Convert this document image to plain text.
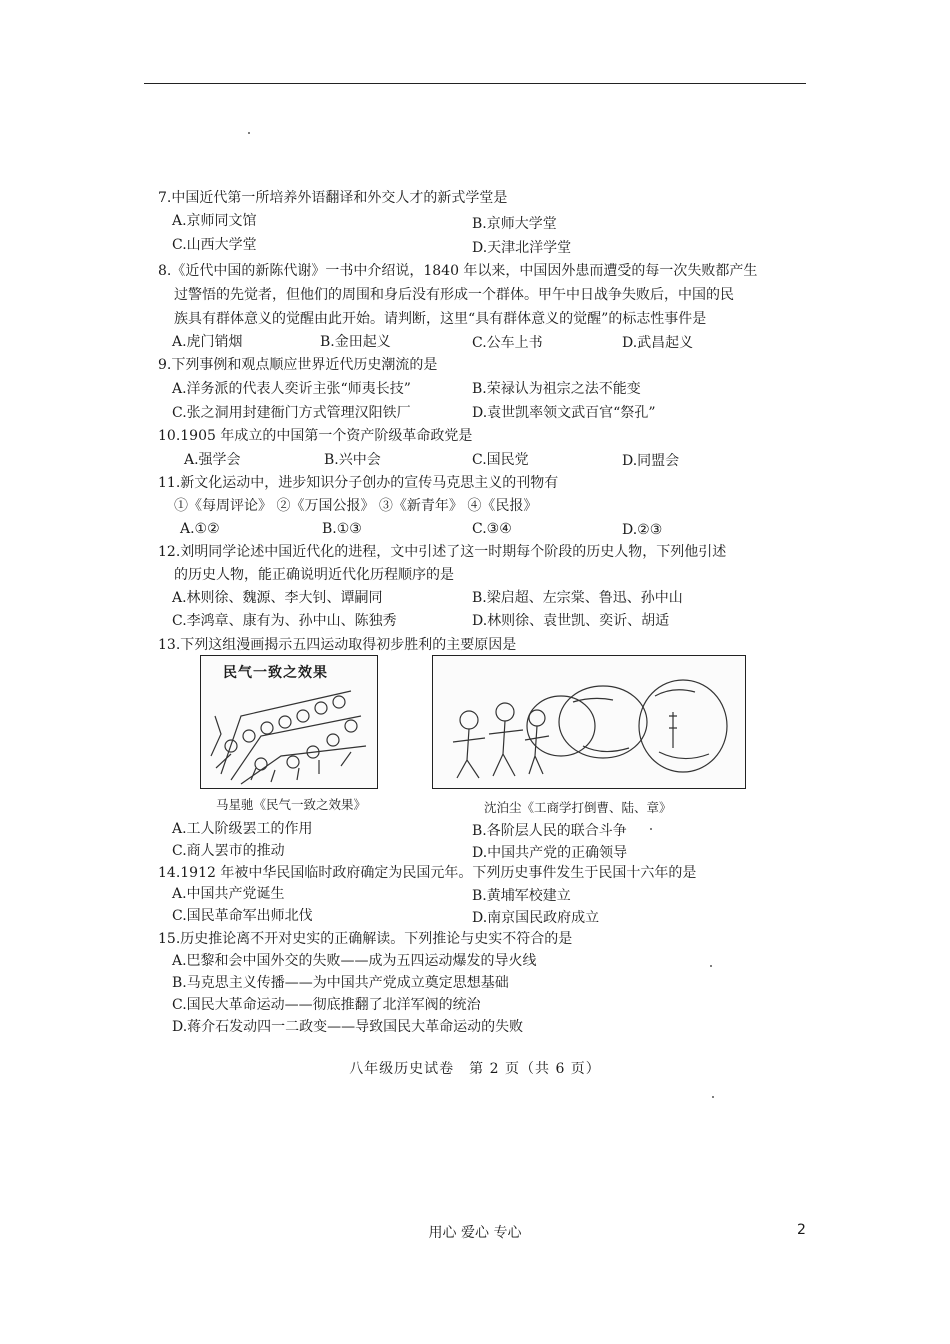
7.中国近代第一所培养外语翻译和外交人才的新式学堂是
A.京师同文馆	B.京师大学堂
C.山西大学堂	D.天津北洋学堂
8.《近代中国的新陈代谢》一书中介绍说，1840 年以来，中国因外患而遭受的每一次失败都产生
过警悟的先觉者，但他们的周围和身后没有形成一个群体。甲午中日战争失败后，中国的民
族具有群体意义的觉醒由此开始。请判断，这里“具有群体意义的觉醒”的标志性事件是
A.虎门销烟	B.金田起义	C.公车上书	D.武昌起义
9.下列事例和观点顺应世界近代历史潮流的是
A.洋务派的代表人奕䜣主张“师夷长技”	B.荣禄认为祖宗之法不能变
C.张之洞用封建衙门方式管理汉阳铁厂	D.袁世凯率领文武百官“祭孔”
10.1905 年成立的中国第一个资产阶级革命政党是
A.强学会	B.兴中会	C.国民党	D.同盟会
11.新文化运动中，进步知识分子创办的宣传马克思主义的刊物有
①《每周评论》 ②《万国公报》 ③《新青年》 ④《民报》
A.①②	B.①③	C.③④	D.②③
12.刘明同学论述中国近代化的进程，文中引述了这一时期每个阶段的历史人物，下列他引述
的历史人物，能正确说明近代化历程顺序的是
A.林则徐、魏源、李大钊、谭嗣同	B.梁启超、左宗棠、鲁迅、孙中山
C.李鸿章、康有为、孙中山、陈独秀	D.林则徐、袁世凯、奕䜣、胡适
13.下列这组漫画揭示五四运动取得初步胜利的主要原因是
民气一致之效果
马星驰《民气一致之效果》	沈泊尘《工商学打倒曹、陆、章》
A.工人阶级罢工的作用	B.各阶层人民的联合斗争
C.商人罢市的推动	D.中国共产党的正确领导
14.1912 年被中华民国临时政府确定为民国元年。下列历史事件发生于民国十六年的是
A.中国共产党诞生	B.黄埔军校建立
C.国民革命军出师北伐	D.南京国民政府成立
15.历史推论离不开对史实的正确解读。下列推论与史实不符合的是
A.巴黎和会中国外交的失败——成为五四运动爆发的导火线
B.马克思主义传播——为中国共产党成立奠定思想基础
C.国民大革命运动——彻底推翻了北洋军阀的统治
D.蒋介石发动四一二政变——导致国民大革命运动的失败
八年级历史试卷　第 2 页（共 6 页）
用心 爱心 专心	2
